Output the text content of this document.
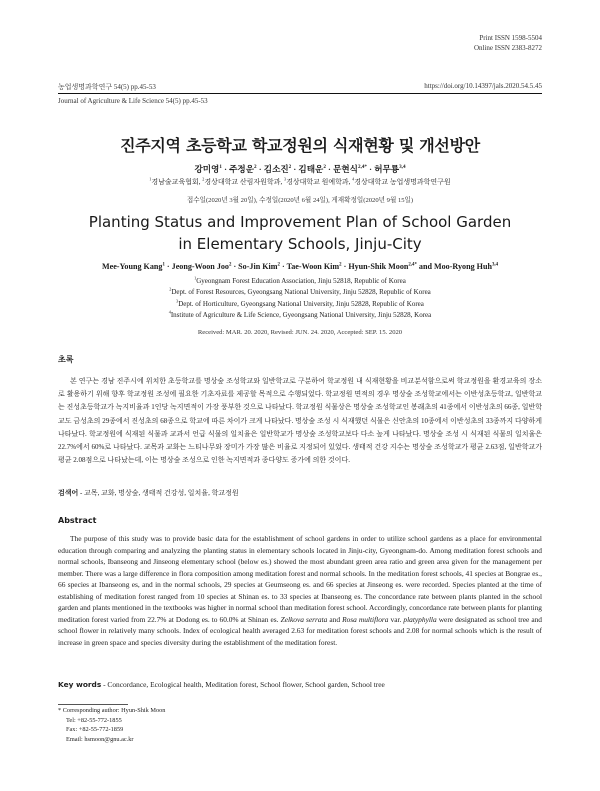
Print ISSN 1598-5504
Online ISSN 2383-8272
농업생명과학연구 54(5) pp.45-53	https://doi.org/10.14397/jals.2020.54.5.45
Journal of Agriculture & Life Science 54(5) pp.45-53
진주지역 초등학교 학교정원의 식재현황 및 개선방안
강미영$^1$ · 주정운$^2$ · 김소진$^2$ · 김태운$^2$ · 문현식$^{2,4*}$ · 허무룡$^{3,4}$
$^1$경남술교육협회, $^2$경상대학교 산림자원학과, $^3$경상대학교 원예학과, $^4$경상대학교 농업생명과학연구원
접수일(2020년 3월 20일), 수정일(2020년 6월 24일), 게재확정일(2020년 9월 15일)
Planting Status and Improvement Plan of School Garden
in Elementary Schools, Jinju-City
Mee-Young Kang$^1$ · Jeong-Woon Joo$^2$ · So-Jin Kim$^2$ · Tae-Woon Kim$^2$ · Hyun-Shik Moon$^{2,4*}$ and Moo-Ryong Huh$^{3,4}$
$^1$Gyeongnam Forest Education Association, Jinju 52818, Republic of Korea
$^2$Dept. of Forest Resources, Gyeongsang National University, Jinju 52828, Republic of Korea
$^3$Dept. of Horticulture, Gyeongsang National University, Jinju 52828, Republic of Korea
$^4$Institute of Agriculture & Life Science, Gyeongsang National University, Jinju 52828, Korea
Received: MAR. 20. 2020, Revised: JUN. 24. 2020, Accepted: SEP. 15. 2020
초록
본 연구는 경남 진주시에 위치한 초등학교를 명상숲 조성학교와 일반학교로 구분하여 학교정원 내 식재현황을 비교분석함으로써 학교정원을 환경교육의 장소로 활용하기 위해 향후 학교정원 조성에 필요한 기초자료를 제공할 목적으로 수행되었다. 학교정원 면적의 경우 명상숲 조성학교에서는 이반성초등학교, 일반학교는 진성초등학교가 녹지비율과 1인당 녹지면적이 가장 풍부한 것으로 나타났다. 학교정원 식물상은 명상숲 조성학교인 봉래초의 41종에서 이반성초의 66종, 일반학교도 금성초의 29종에서 진성초의 68종으로 학교에 따른 차이가 크게 나타났다. 명상숲 조성 시 식재했던 식물은 신안초의 10종에서 이반성초의 33종까지 다양하게 나타났다. 학교정원에 식재된 식물과 교과서 언급 식물의 일치율은 일반학교가 명상숲 조성학교보다 다소 높게 나타났다. 명상숲 조성 시 식재된 식물의 일치율은 22.7%에서 60%로 나타났다. 교목과 교화는 느티나무와 장미가 가장 많은 비율로 지정되어 있었다. 생태적 건강 지수는 명상숲 조성학교가 평균 2.63점, 일반학교가 평균 2.08점으로 나타났는데, 이는 명상숲 조성으로 인한 녹지면적과 종다양도 증가에 의한 것이다.
검색어 - 교목, 교화, 명상숲, 생태적 건강성, 일치율, 학교정원
Abstract
The purpose of this study was to provide basic data for the establishment of school gardens in order to utilize school gardens as a place for environmental education through comparing and analyzing the planting status in elementary schools located in Jinju-city, Gyeongnam-do. Among meditation forest schools and normal schools, Ibanseong and Jinseong elementary school (below es.) showed the most abundant green area ratio and green area given for the management per member. There was a large difference in flora composition among meditation forest and normal schools. In the meditation forest schools, 41 species at Bongrae es., 66 species at Ibanseong es, and in the normal schools, 29 species at Geumseong es. and 66 species at Jinseong es. were recorded. Species planted at the time of establishing of meditation forest ranged from 10 species at Shinan es. to 33 species at Ibanseong es. The concordance rate between plants planted in the school garden and plants mentioned in the textbooks was higher in normal school than meditation forest school. Accordingly, concordance rate between plants for planting meditation forest varied from 22.7% at Dodong es. to 60.0% at Shinan es. Zelkova serrata and Rosa multiflora var. platyphylla were designated as school tree and school flower in relatively many schools. Index of ecological health averaged 2.63 for meditation forest schools and 2.08 for normal schools which is the result of increase in green space and species diversity during the establishment of the meditation forest.
Key words - Concordance, Ecological health, Meditation forest, School flower, School garden, School tree
* Corresponding author: Hyun-Shik Moon
Tel: +82-55-772-1855
Fax: +82-55-772-1859
Email: hsmoon@gnu.ac.kr
